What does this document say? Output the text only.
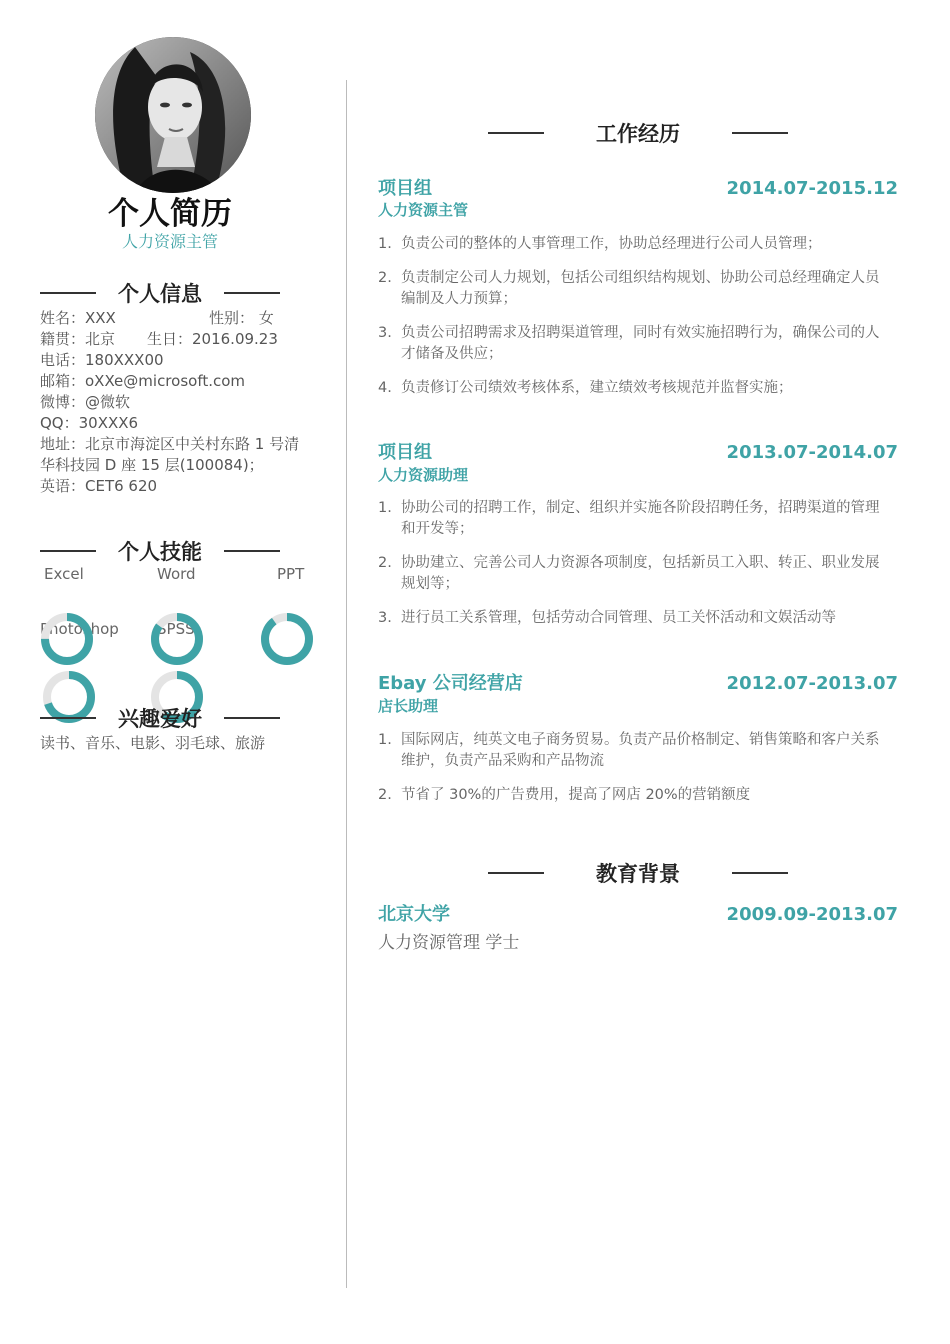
个人简历
人力资源主管
个人信息
姓名：XXX	性别： 女
籍贯：北京 生日：2016.09.23
电话：180XXX00
邮箱：oXXe@microsoft.com
微博：@微软
QQ：30XXX6
地址：北京市海淀区中关村东路 1 号清
华科技园 D 座 15 层(100084)；
英语：CET6 620
个人技能
Excel	Word	PPT
Photoshop	SPSS
兴趣爱好
读书、音乐、电影、羽毛球、旅游
工作经历
项目组	2014.07-2015.12
人力资源主管
1. 负责公司的整体的人事管理工作，协助总经理进行公司人员管理；
2. 负责制定公司人力规划，包括公司组织结构规划、协助公司总经理确定人员编制及人力预算；
3. 负责公司招聘需求及招聘渠道管理，同时有效实施招聘行为，确保公司的人才储备及供应；
4. 负责修订公司绩效考核体系，建立绩效考核规范并监督实施；
项目组	2013.07-2014.07
人力资源助理
1. 协助公司的招聘工作，制定、组织并实施各阶段招聘任务，招聘渠道的管理和开发等；
2. 协助建立、完善公司人力资源各项制度，包括新员工入职、转正、职业发展规划等；
3. 进行员工关系管理，包括劳动合同管理、员工关怀活动和文娱活动等
Ebay 公司经营店	2012.07-2013.07
店长助理
1. 国际网店，纯英文电子商务贸易。负责产品价格制定、销售策略和客户关系维护，负责产品采购和产品物流
2. 节省了 30%的广告费用，提高了网店 20%的营销额度
教育背景
北京大学	2009.09-2013.07
人力资源管理 学士
